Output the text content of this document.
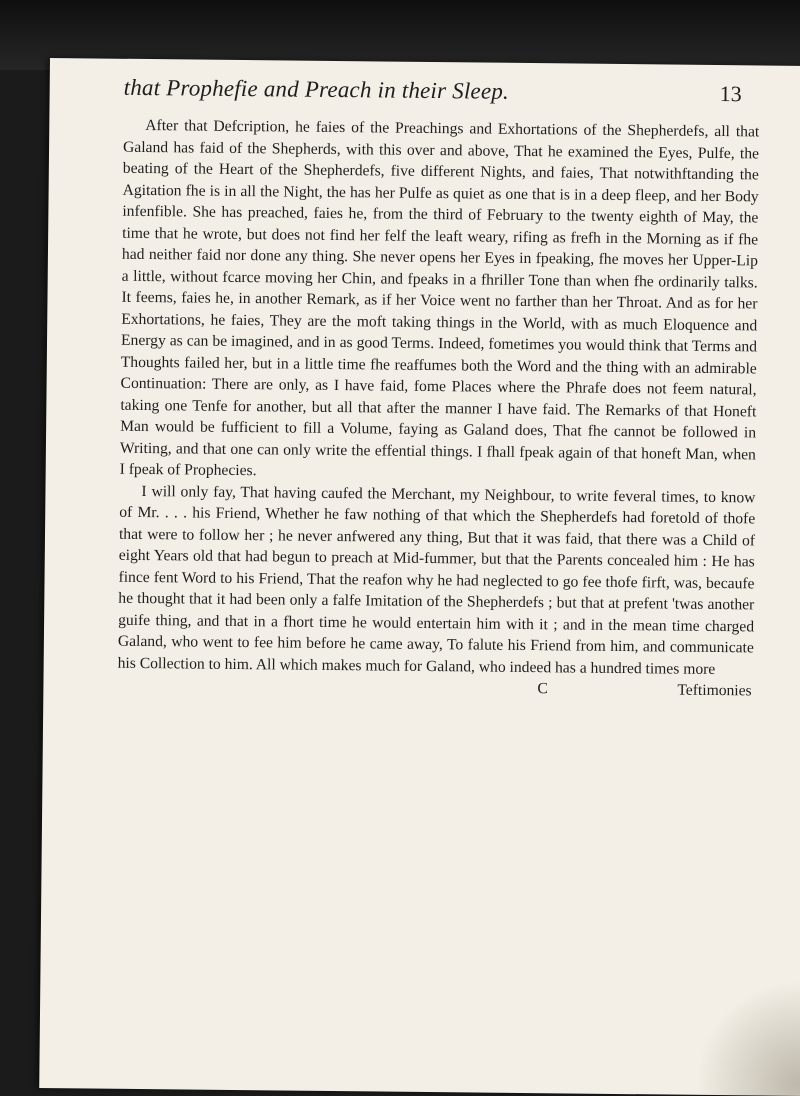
that Prophefie and Preach in their Sleep.	13

After that Defcription, he faies of the Preachings and Exhortations of the Shepherdefs, all that Galand has faid of the Shepherds, with this over and above, That he examined the Eyes, Pulfe, the beating of the Heart of the Shepherdefs, five different Nights, and faies, That notwithftanding the Agitation fhe is in all the Night, the has her Pulfe as quiet as one that is in a deep fleep, and her Body infenfible. She has preached, faies he, from the third of February to the twenty eighth of May, the time that he wrote, but does not find her felf the leaft weary, rifing as frefh in the Morning as if fhe had neither faid nor done any thing. She never opens her Eyes in fpeaking, fhe moves her Upper-Lip a little, without fcarce moving her Chin, and fpeaks in a fhriller Tone than when fhe ordinarily talks. It feems, faies he, in another Remark, as if her Voice went no farther than her Throat. And as for her Exhortations, he faies, They are the moft taking things in the World, with as much Eloquence and Energy as can be imagined, and in as good Terms. Indeed, fometimes you would think that Terms and Thoughts failed her, but in a little time fhe reaffumes both the Word and the thing with an admirable Continuation: There are only, as I have faid, fome Places where the Phrafe does not feem natural, taking one Tenfe for another, but all that after the manner I have faid. The Remarks of that Honeft Man would be fufficient to fill a Volume, faying as Galand does, That fhe cannot be followed in Writing, and that one can only write the effential things. I fhall fpeak again of that honeft Man, when I fpeak of Prophecies.

I will only fay, That having caufed the Merchant, my Neighbour, to write feveral times, to know of Mr. . . . his Friend, Whether he faw nothing of that which the Shepherdefs had foretold of thofe that were to follow her ; he never anfwered any thing, But that it was faid, that there was a Child of eight Years old that had begun to preach at Mid-fummer, but that the Parents concealed him : He has fince fent Word to his Friend, That the reafon why he had neglected to go fee thofe firft, was, becaufe he thought that it had been only a falfe Imitation of the Shepherdefs ; but that at prefent 'twas another guife thing, and that in a fhort time he would entertain him with it ; and in the mean time charged Galand, who went to fee him before he came away, To falute his Friend from him, and communicate his Collection to him. All which makes much for Galand, who indeed has a hundred times more

C	Teftimonies
